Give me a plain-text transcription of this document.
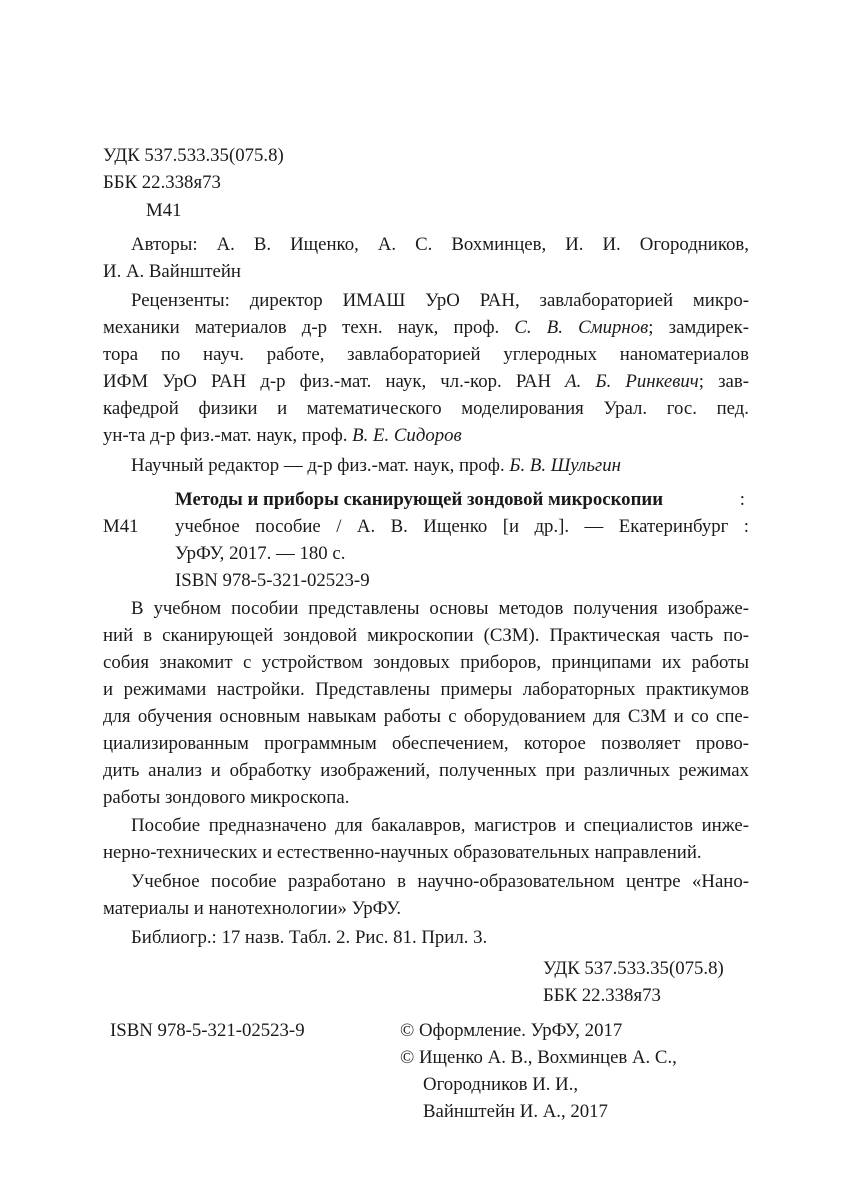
УДК 537.533.35(075.8)
ББК 22.338я73
М41
Авторы: А. В. Ищенко, А. С. Вохминцев, И. И. Огородников,
И. А. Вайнштейн
Рецензенты: директор ИМАШ УрО РАН, завлабораторией микро-
механики материалов д-р техн. наук, проф. С. В. Смирнов; замдирек-
тора по науч. работе, завлабораторией углеродных наноматериалов
ИФМ УрО РАН д-р физ.-мат. наук, чл.-кор. РАН А. Б. Ринкевич; зав-
кафедрой физики и математического моделирования Урал. гос. пед.
ун-та д-р физ.-мат. наук, проф. В. Е. Сидоров
Научный редактор — д-р физ.-мат. наук, проф. Б. В. Шульгин
Методы и приборы сканирующей зондовой микроскопии	:
М41	учебное пособие / А. В. Ищенко [и др.]. — Екатеринбург :
УрФУ, 2017. — 180 с.
ISBN 978-5-321-02523-9
В учебном пособии представлены основы методов получения изображе-
ний в сканирующей зондовой микроскопии (СЗМ). Практическая часть по-
собия знакомит с устройством зондовых приборов, принципами их работы
и режимами настройки. Представлены примеры лабораторных практикумов
для обучения основным навыкам работы с оборудованием для СЗМ и со спе-
циализированным программным обеспечением, которое позволяет прово-
дить анализ и обработку изображений, полученных при различных режимах
работы зондового микроскопа.
Пособие предназначено для бакалавров, магистров и специалистов инже-
нерно-технических и естественно-научных образовательных направлений.
Учебное пособие разработано в научно-образовательном центре «Нано-
материалы и нанотехнологии» УрФУ.
Библиогр.: 17 назв. Табл. 2. Рис. 81. Прил. 3.
УДК 537.533.35(075.8)
ББК 22.338я73
ISBN 978-5-321-02523-9	© Оформление. УрФУ, 2017
© Ищенко А. В., Вохминцев А. С.,
Огородников И. И.,
Вайнштейн И. А., 2017
